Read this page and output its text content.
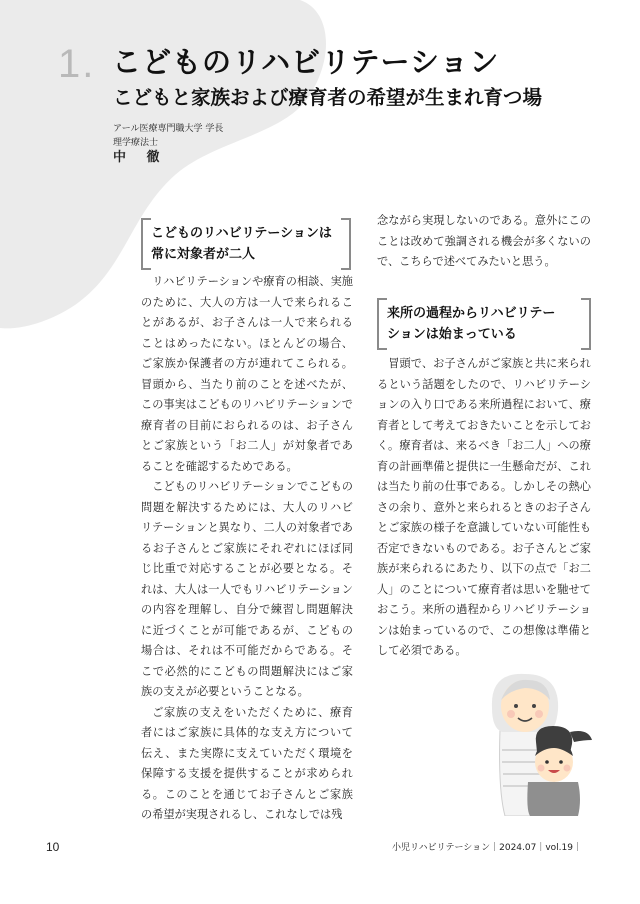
1. こどものリハビリテーション
こどもと家族および療育者の希望が生まれ育つ場
アール医療専門職大学 学長
理学療法士
中 徹
こどものリハビリテーションは
常に対象者が二人

リハビリテーションや療育の相談、実施のために、大人の方は一人で来られることがあるが、お子さんは一人で来られることはめったにない。ほとんどの場合、ご家族か保護者の方が連れてこられる。冒頭から、当たり前のことを述べたが、この事実はこどものリハビリテーションで療育者の目前におられるのは、お子さんとご家族という「お二人」が対象者であることを確認するためである。

こどものリハビリテーションでこどもの問題を解決するためには、大人のリハビリテーションと異なり、二人の対象者であるお子さんとご家族にそれぞれにほぼ同じ比重で対応することが必要となる。それは、大人は一人でもリハビリテーションの内容を理解し、自分で練習し問題解決に近づくことが可能であるが、こどもの場合は、それは不可能だからである。そこで必然的にこどもの問題解決にはご家族の支えが必要ということなる。

ご家族の支えをいただくために、療育者にはご家族に具体的な支え方について伝え、また実際に支えていただく環境を保障する支援を提供することが求められる。このことを通じてお子さんとご家族の希望が実現されるし、これなしでは残

念ながら実現しないのである。意外にこのことは改めて強調される機会が多くないので、こちらで述べてみたいと思う。

来所の過程からリハビリテー
ションは始まっている

冒頭で、お子さんがご家族と共に来られるという話題をしたので、リハビリテーションの入り口である来所過程において、療育者として考えておきたいことを示しておく。療育者は、来るべき「お二人」への療育の計画準備と提供に一生懸命だが、これは当たり前の仕事である。しかしその熱心さの余り、意外と来られるときのお子さんとご家族の様子を意識していない可能性も否定できないものである。お子さんとご家族が来られるにあたり、以下の点で「お二人」のことについて療育者は思いを馳せておこう。来所の過程からリハビリテーションは始まっているので、この想像は準備として必須である。

10	小児リハビリテーション｜2024.07｜vol.19｜
